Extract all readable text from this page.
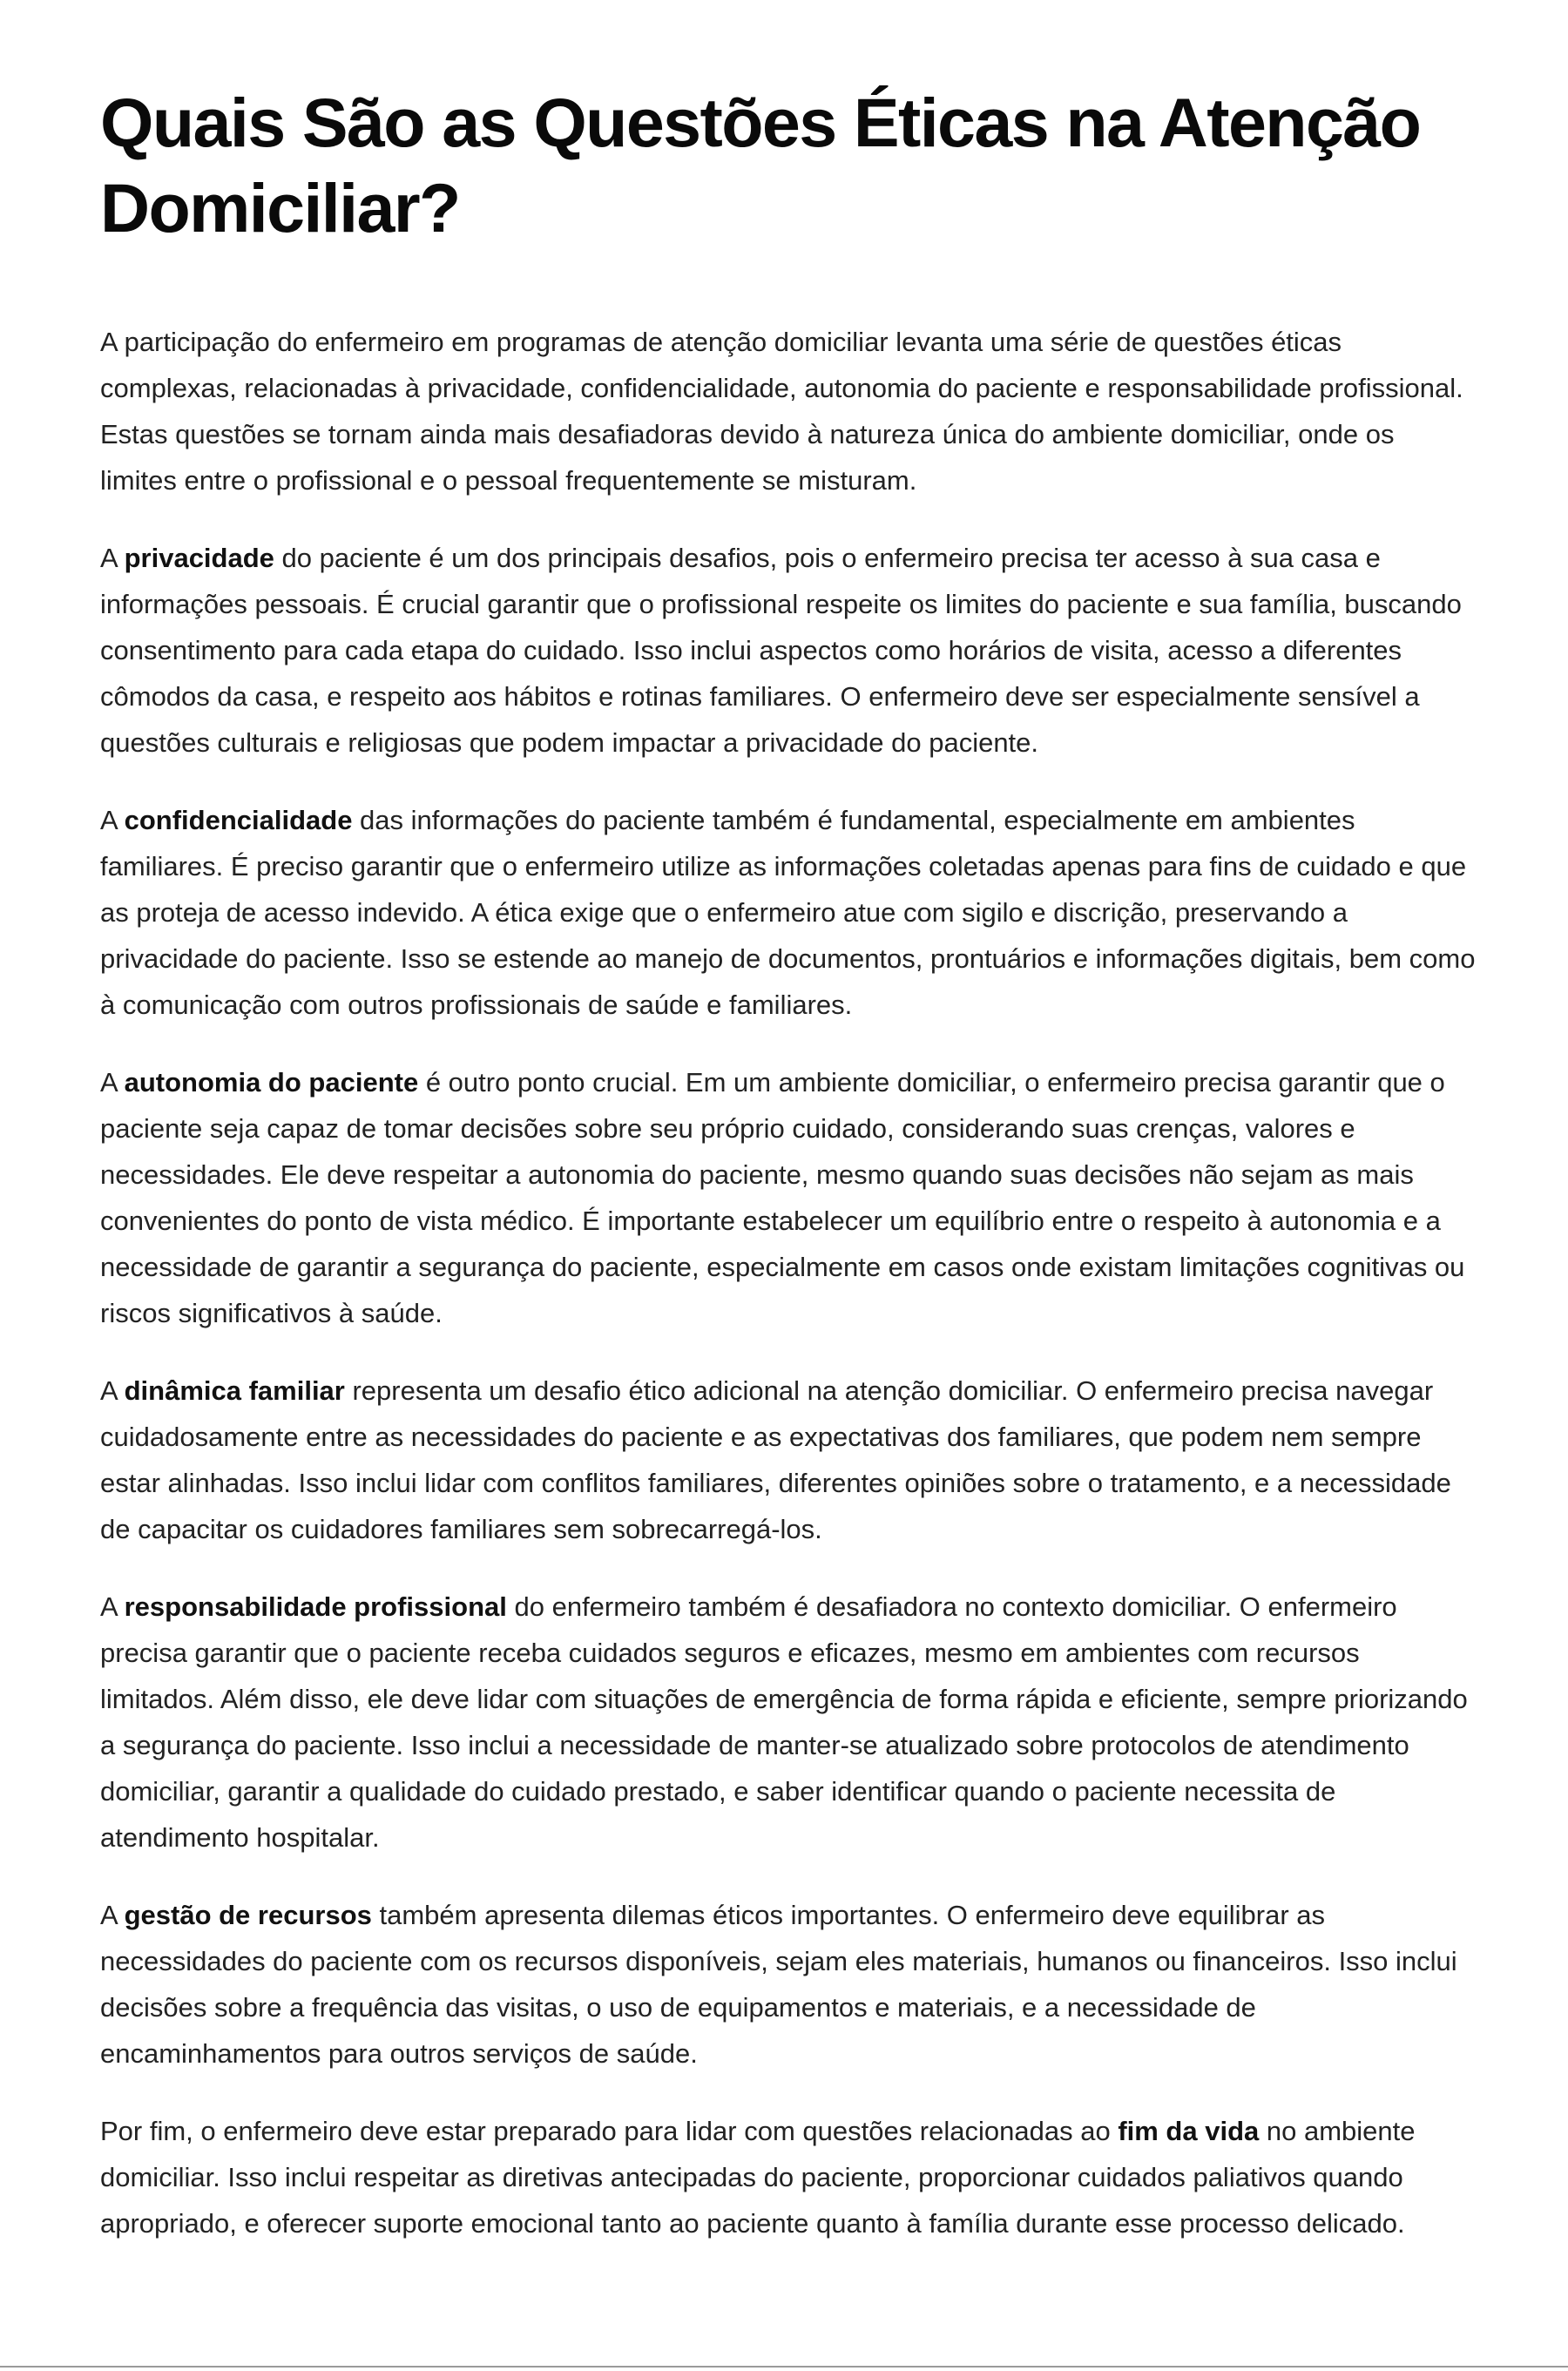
Quais São as Questões Éticas na Atenção Domiciliar?

A participação do enfermeiro em programas de atenção domiciliar levanta uma série de questões éticas complexas, relacionadas à privacidade, confidencialidade, autonomia do paciente e responsabilidade profissional. Estas questões se tornam ainda mais desafiadoras devido à natureza única do ambiente domiciliar, onde os limites entre o profissional e o pessoal frequentemente se misturam.

A privacidade do paciente é um dos principais desafios, pois o enfermeiro precisa ter acesso à sua casa e informações pessoais. É crucial garantir que o profissional respeite os limites do paciente e sua família, buscando consentimento para cada etapa do cuidado. Isso inclui aspectos como horários de visita, acesso a diferentes cômodos da casa, e respeito aos hábitos e rotinas familiares. O enfermeiro deve ser especialmente sensível a questões culturais e religiosas que podem impactar a privacidade do paciente.

A confidencialidade das informações do paciente também é fundamental, especialmente em ambientes familiares. É preciso garantir que o enfermeiro utilize as informações coletadas apenas para fins de cuidado e que as proteja de acesso indevido. A ética exige que o enfermeiro atue com sigilo e discrição, preservando a privacidade do paciente. Isso se estende ao manejo de documentos, prontuários e informações digitais, bem como à comunicação com outros profissionais de saúde e familiares.

A autonomia do paciente é outro ponto crucial. Em um ambiente domiciliar, o enfermeiro precisa garantir que o paciente seja capaz de tomar decisões sobre seu próprio cuidado, considerando suas crenças, valores e necessidades. Ele deve respeitar a autonomia do paciente, mesmo quando suas decisões não sejam as mais convenientes do ponto de vista médico. É importante estabelecer um equilíbrio entre o respeito à autonomia e a necessidade de garantir a segurança do paciente, especialmente em casos onde existam limitações cognitivas ou riscos significativos à saúde.

A dinâmica familiar representa um desafio ético adicional na atenção domiciliar. O enfermeiro precisa navegar cuidadosamente entre as necessidades do paciente e as expectativas dos familiares, que podem nem sempre estar alinhadas. Isso inclui lidar com conflitos familiares, diferentes opiniões sobre o tratamento, e a necessidade de capacitar os cuidadores familiares sem sobrecarregá-los.

A responsabilidade profissional do enfermeiro também é desafiadora no contexto domiciliar. O enfermeiro precisa garantir que o paciente receba cuidados seguros e eficazes, mesmo em ambientes com recursos limitados. Além disso, ele deve lidar com situações de emergência de forma rápida e eficiente, sempre priorizando a segurança do paciente. Isso inclui a necessidade de manter-se atualizado sobre protocolos de atendimento domiciliar, garantir a qualidade do cuidado prestado, e saber identificar quando o paciente necessita de atendimento hospitalar.

A gestão de recursos também apresenta dilemas éticos importantes. O enfermeiro deve equilibrar as necessidades do paciente com os recursos disponíveis, sejam eles materiais, humanos ou financeiros. Isso inclui decisões sobre a frequência das visitas, o uso de equipamentos e materiais, e a necessidade de encaminhamentos para outros serviços de saúde.

Por fim, o enfermeiro deve estar preparado para lidar com questões relacionadas ao fim da vida no ambiente domiciliar. Isso inclui respeitar as diretivas antecipadas do paciente, proporcionar cuidados paliativos quando apropriado, e oferecer suporte emocional tanto ao paciente quanto à família durante esse processo delicado.
